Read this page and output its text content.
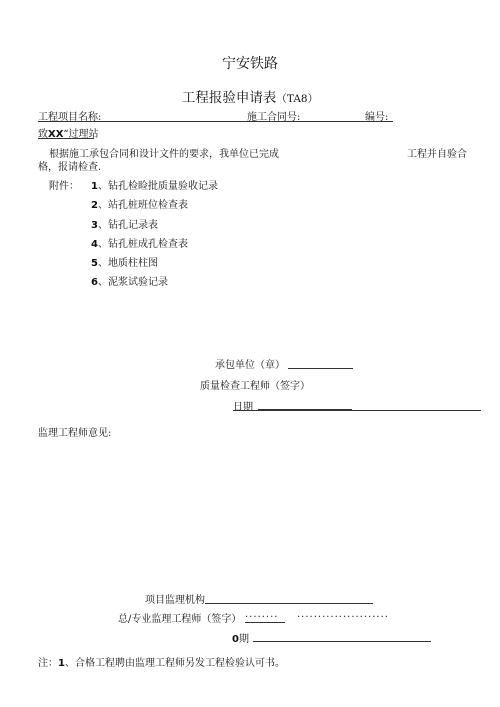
宁安铁路
工程报验申请表（TA8）
工程项目名称:	施工合同号:	编号:
致XX“过理站
根据施工承包合同和设计文件的要求，我单位已完成	工程并自验合
格，报请检查.
附件： 1、钻孔检睑批质量验收记录
2、站孔桩班位检查表
3、钻孔记录表
4、钻孔桩成孔检查表
5、地质柱柱图
6、泥浆试验记录
承包单位（章）
质量检查工程师（签字）
日期
监理工程师意见:
项目监理机构
总/专业监理工程师（签字） ........ ......................
0期
注：1、合格工程聘由监理工程师另发工程检验认可书。
